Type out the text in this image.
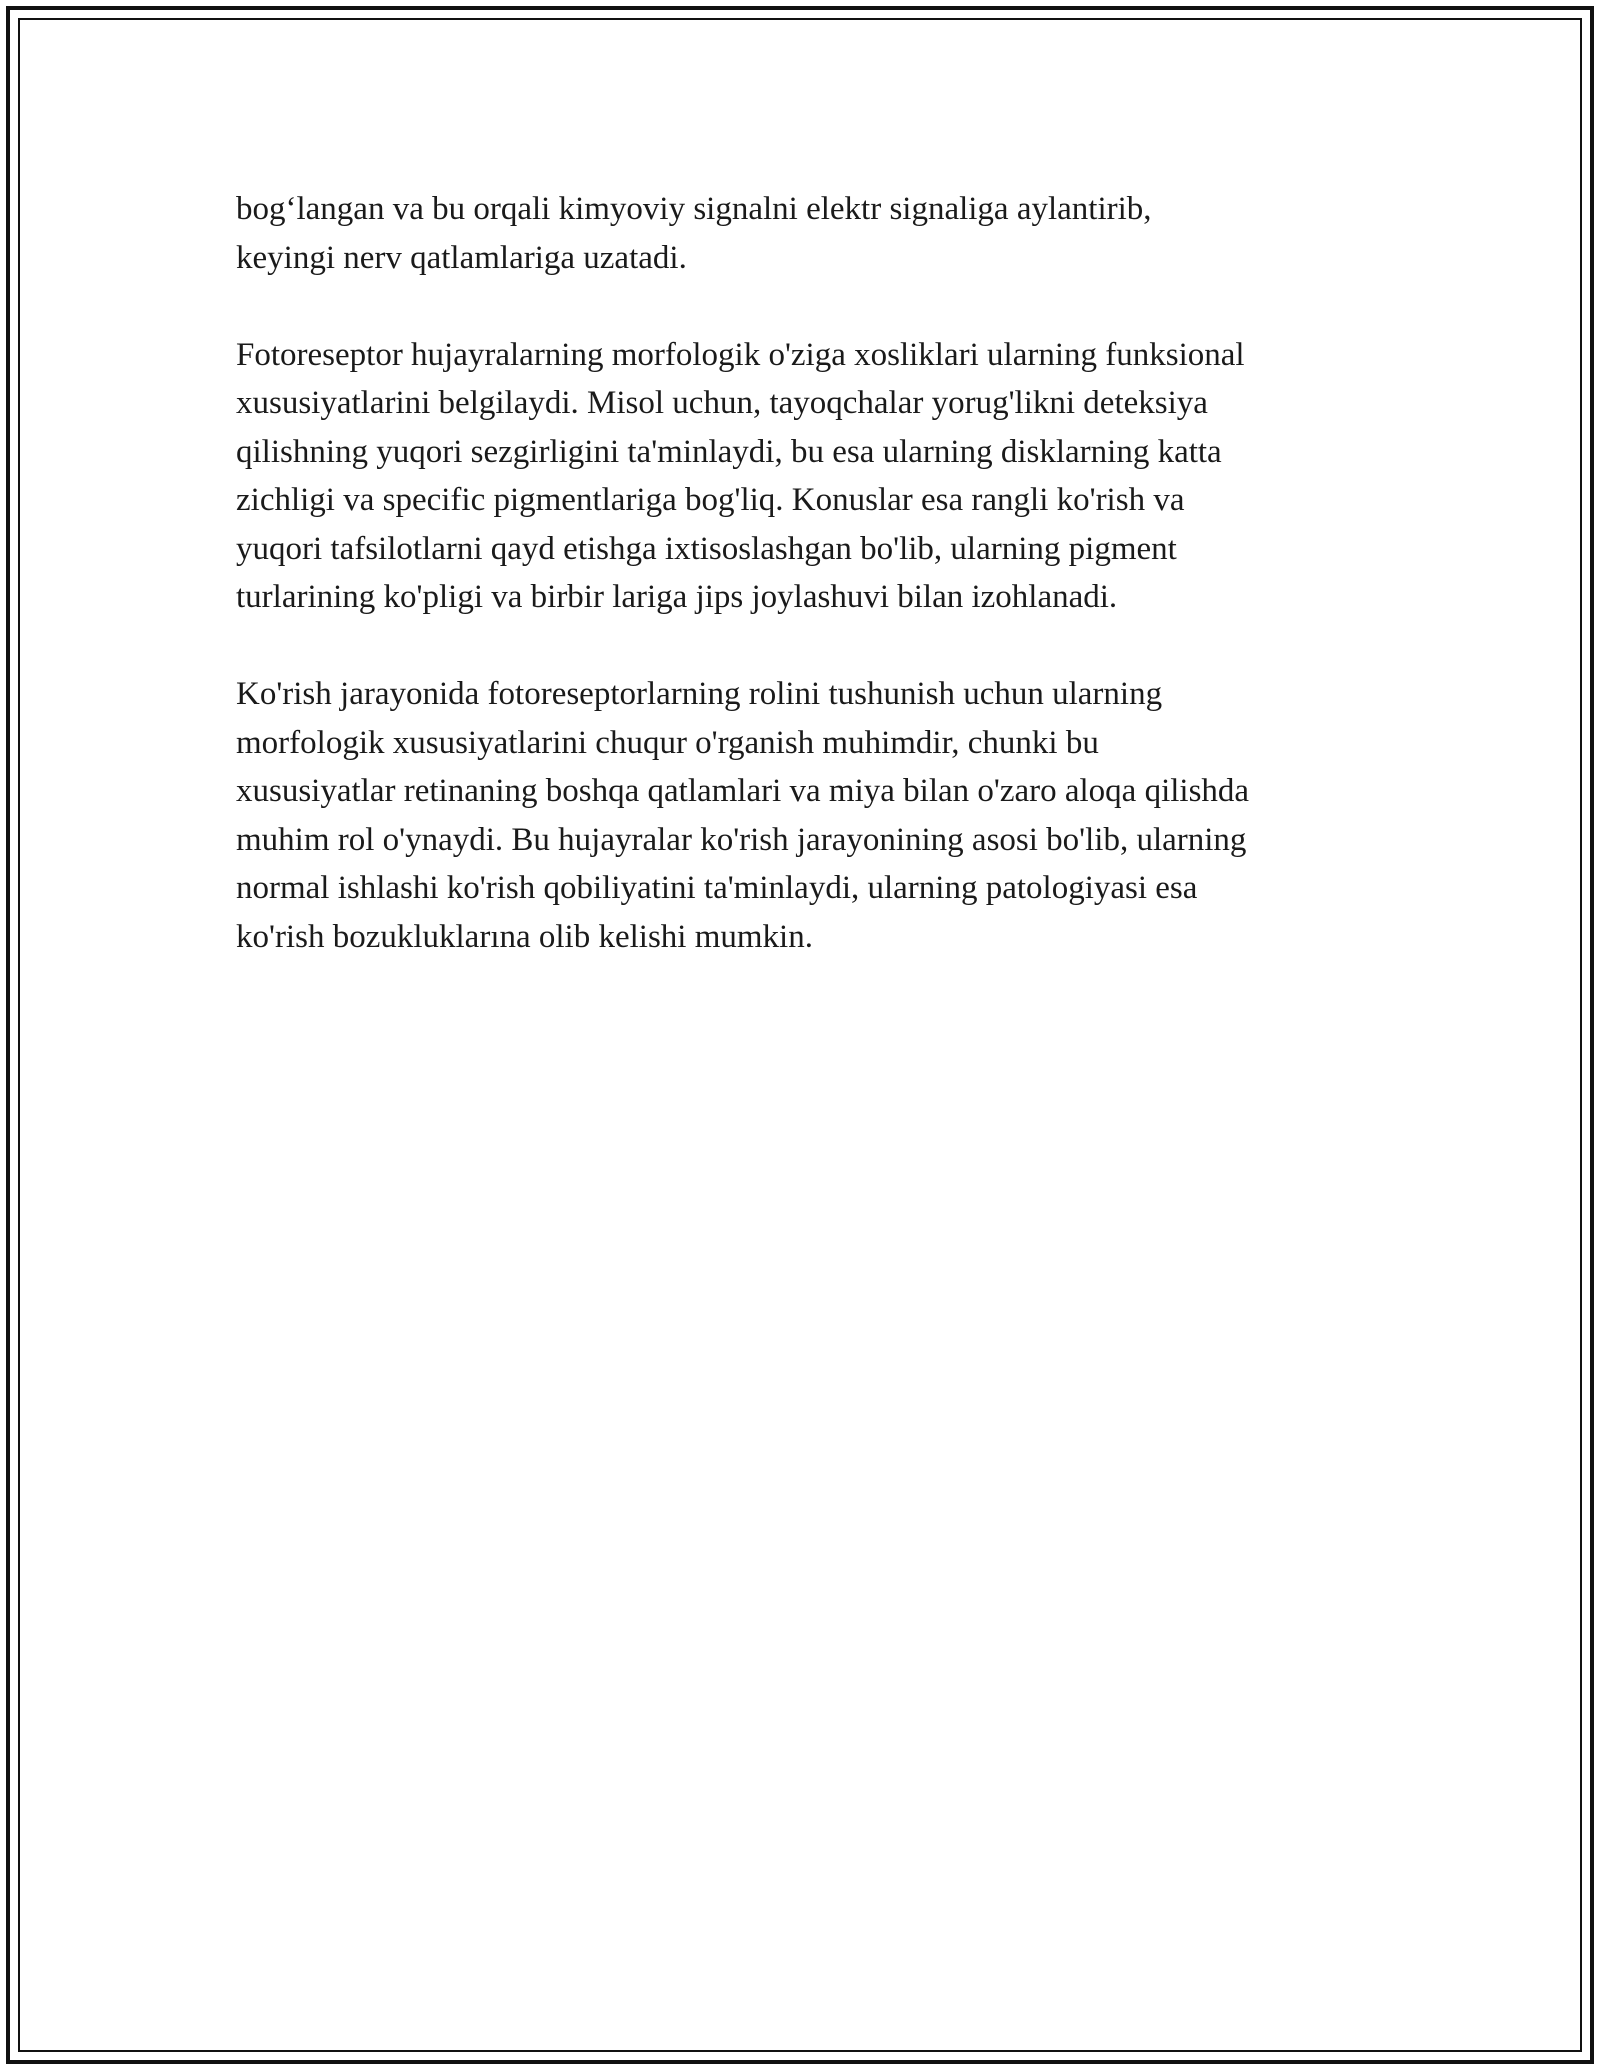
bog‘langan va bu orqali kimyoviy signalni elektr signaliga aylantirib,
keyingi nerv qatlamlariga uzatadi.

Fotoreseptor hujayralarning morfologik o'ziga xosliklari ularning funksional
xususiyatlarini belgilaydi. Misol uchun, tayoqchalar yorug'likni deteksiya
qilishning yuqori sezgirligini ta'minlaydi, bu esa ularning disklarning katta
zichligi va specific pigmentlariga bog'liq. Konuslar esa rangli ko'rish va
yuqori tafsilotlarni qayd etishga ixtisoslashgan bo'lib, ularning pigment
turlarining ko'pligi va birbir lariga jips joylashuvi bilan izohlanadi.

Ko'rish jarayonida fotoreseptorlarning rolini tushunish uchun ularning
morfologik xususiyatlarini chuqur o'rganish muhimdir, chunki bu
xususiyatlar retinaning boshqa qatlamlari va miya bilan o'zaro aloqa qilishda
muhim rol o'ynaydi. Bu hujayralar ko'rish jarayonining asosi bo'lib, ularning
normal ishlashi ko'rish qobiliyatini ta'minlaydi, ularning patologiyasi esa
ko'rish bozukluklarına olib kelishi mumkin.
